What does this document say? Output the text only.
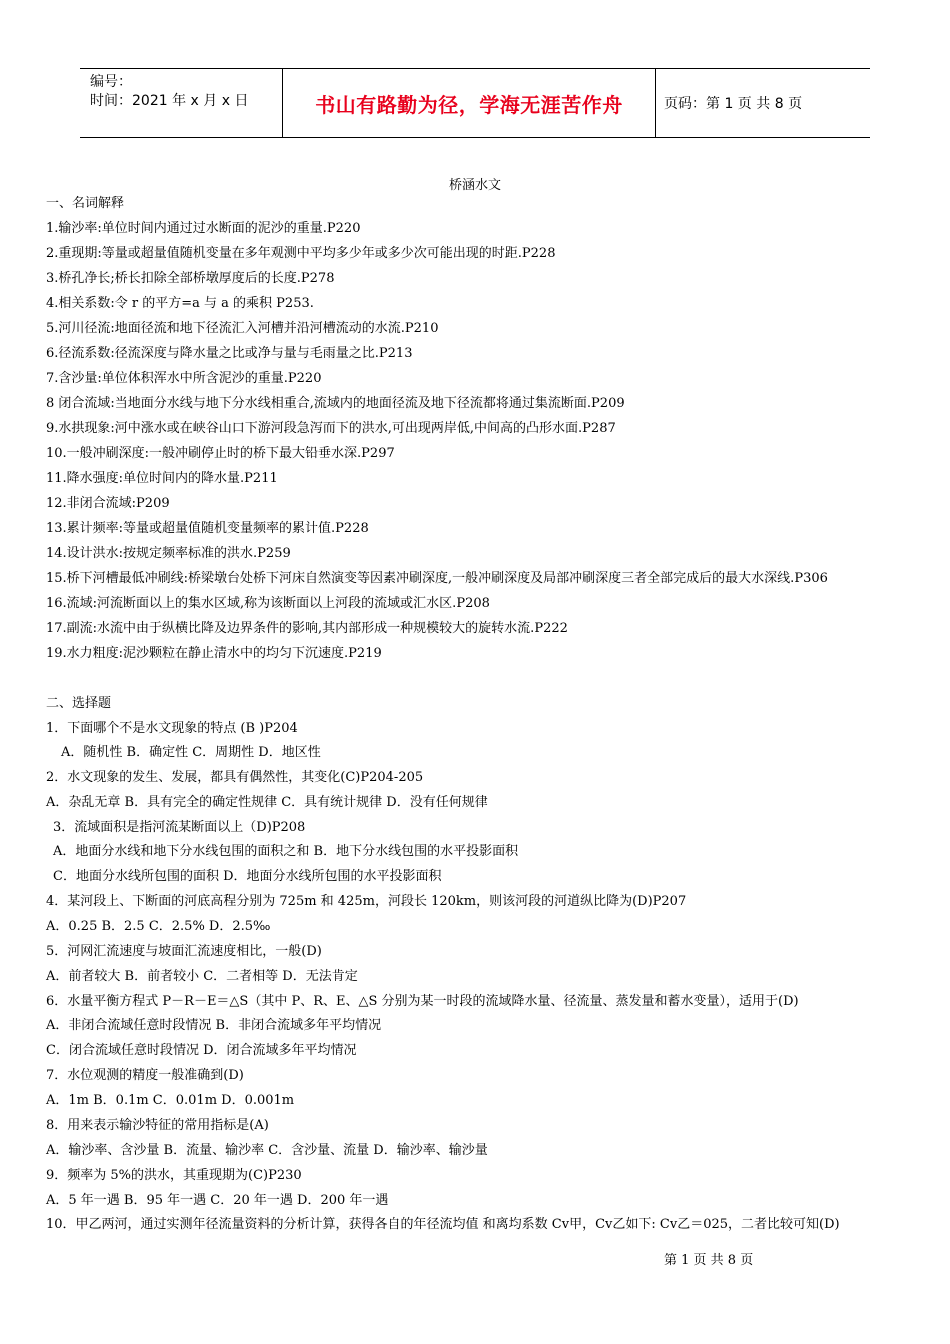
编号：
时间：2021 年 x 月 x 日	书山有路勤为径，学海无涯苦作舟	页码：第 1 页 共 8 页
桥涵水文
一、名词解释
1.输沙率:单位时间内通过过水断面的泥沙的重量.P220
2.重现期:等量或超量值随机变量在多年观测中平均多少年或多少次可能出现的时距.P228
3.桥孔净长;桥长扣除全部桥墩厚度后的长度.P278
4.相关系数:令 r 的平方=a 与 a 的乘积 P253.
5.河川径流:地面径流和地下径流汇入河槽并沿河槽流动的水流.P210
6.径流系数:径流深度与降水量之比或净与量与毛雨量之比.P213
7.含沙量:单位体积浑水中所含泥沙的重量.P220
8 闭合流域:当地面分水线与地下分水线相重合,流域内的地面径流及地下径流都将通过集流断面.P209
9.水拱现象:河中涨水或在峡谷山口下游河段急泻而下的洪水,可出现两岸低,中间高的凸形水面.P287
10.一般冲刷深度:一般冲刷停止时的桥下最大铅垂水深.P297
11.降水强度:单位时间内的降水量.P211
12.非闭合流域:P209
13.累计频率:等量或超量值随机变量频率的累计值.P228
14.设计洪水:按规定频率标准的洪水.P259
15.桥下河槽最低冲刷线:桥梁墩台处桥下河床自然演变等因素冲刷深度,一般冲刷深度及局部冲刷深度三者全部完成后的最大水深线.P306
16.流域:河流断面以上的集水区域,称为该断面以上河段的流域或汇水区.P208
17.副流:水流中由于纵横比降及边界条件的影响,其内部形成一种规模较大的旋转水流.P222
19.水力粗度:泥沙颗粒在静止清水中的均匀下沉速度.P219
二、选择题
1．下面哪个不是水文现象的特点 (B )P204
A．随机性 B．确定性 C．周期性 D．地区性
2．水文现象的发生、发展，都具有偶然性，其变化(C)P204-205
A．杂乱无章 B．具有完全的确定性规律 C．具有统计规律 D．没有任何规律
3．流域面积是指河流某断面以上（D)P208
A．地面分水线和地下分水线包围的面积之和 B．地下分水线包围的水平投影面积
C．地面分水线所包围的面积 D．地面分水线所包围的水平投影面积
4．某河段上、下断面的河底高程分别为 725m 和 425m，河段长 120km，则该河段的河道纵比降为(D)P207
A．0.25 B．2.5 C．2.5% D．2.5‰
5．河网汇流速度与坡面汇流速度相比，一般(D)
A．前者较大 B．前者较小 C．二者相等 D．无法肯定
6．水量平衡方程式 P－R－E＝△S（其中 P、R、E、△S 分别为某一时段的流域降水量、径流量、蒸发量和蓄水变量），适用于(D)
A．非闭合流域任意时段情况 B．非闭合流域多年平均情况
C．闭合流域任意时段情况 D．闭合流域多年平均情况
7．水位观测的精度一般准确到(D)
A．1m B．0.1m C．0.01m D．0.001m
8．用来表示输沙特征的常用指标是(A)
A．输沙率、含沙量 B．流量、输沙率 C．含沙量、流量 D．输沙率、输沙量
9．频率为 5%的洪水，其重现期为(C)P230
A．5 年一遇 B．95 年一遇 C．20 年一遇 D．200 年一遇
10．甲乙两河，通过实测年径流量资料的分析计算，获得各自的年径流均值 和离均系数 Cv甲，Cv乙如下: Cv乙＝025，二者比较可知(D)
第 1 页 共 8 页
